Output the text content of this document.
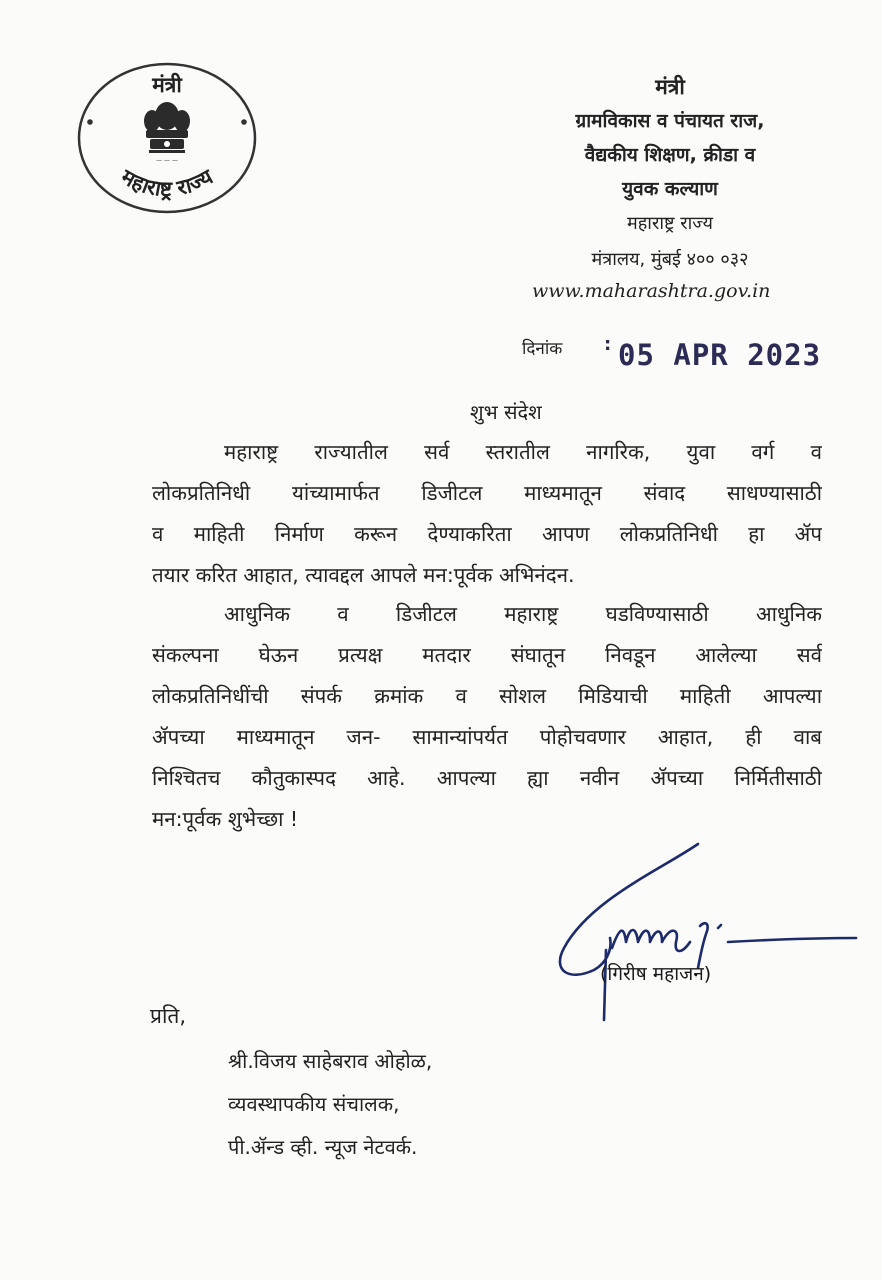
मंत्री
— — —
महाराष्ट्र राज्य
मंत्री
ग्रामविकास व पंचायत राज,
वैद्यकीय शिक्षण, क्रीडा व
युवक कल्याण
महाराष्ट्र राज्य
मंत्रालय, मुंबई ४०० ०३२
www.maharashtra.gov.in
दिनांक : 05 APR 2023
शुभ संदेश
महाराष्ट्र राज्यातील सर्व स्तरातील नागरिक, युवा वर्ग व
लोकप्रतिनिधी यांच्यामार्फत डिजीटल माध्यमातून संवाद साधण्यासाठी
व माहिती निर्माण करून देण्याकरिता आपण लोकप्रतिनिधी हा ॲप
तयार करित आहात, त्यावद्दल आपले मन:पूर्वक अभिनंदन.
आधुनिक व डिजीटल महाराष्ट्र घडविण्यासाठी आधुनिक
संकल्पना घेऊन प्रत्यक्ष मतदार संघातून निवडून आलेल्या सर्व
लोकप्रतिनिधींची संपर्क क्रमांक व सोशल मिडियाची माहिती आपल्या
ॲपच्या माध्यमातून जन- सामान्यांपर्यत पोहोचवणार आहात, ही वाब
निश्चितच कौतुकास्पद आहे. आपल्या ह्या नवीन ॲपच्या निर्मितीसाठी
मन:पूर्वक शुभेच्छा !
(गिरीष महाजन)
प्रति,
श्री.विजय साहेबराव ओहोळ,
व्यवस्थापकीय संचालक,
पी.ॲन्ड व्ही. न्यूज नेटवर्क.
